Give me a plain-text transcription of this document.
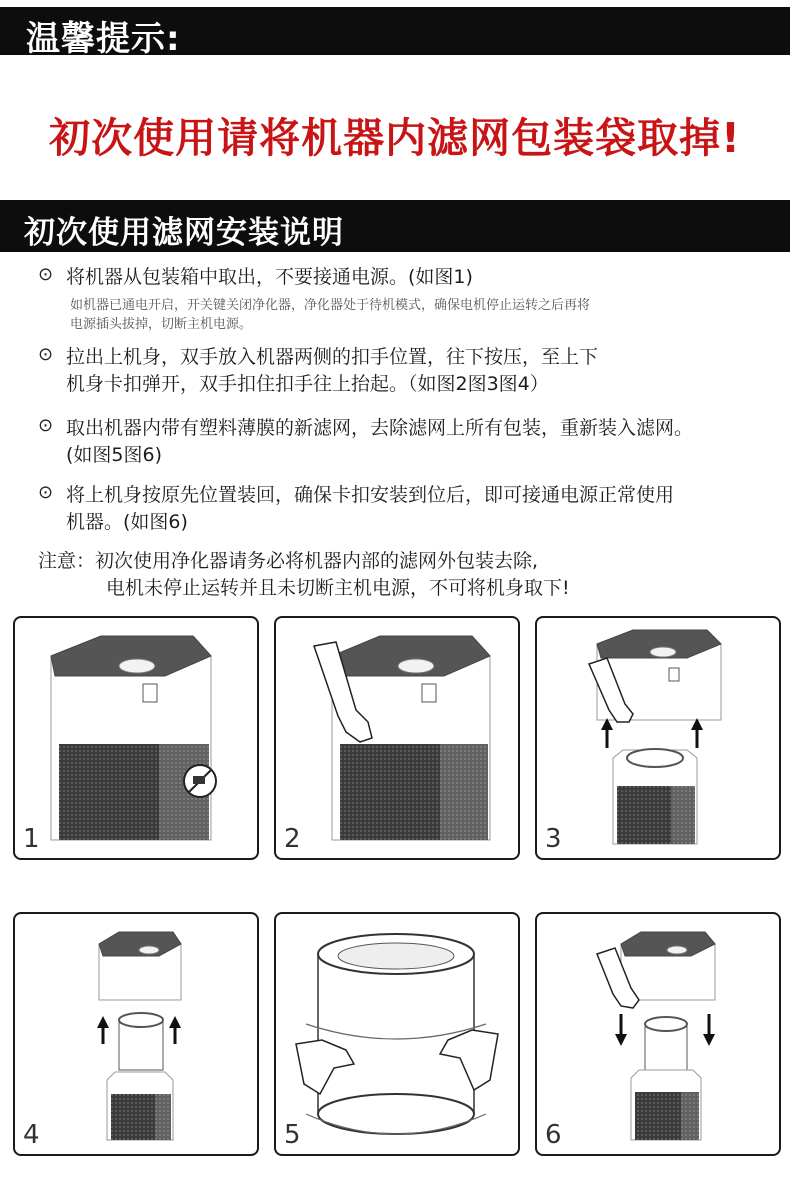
温馨提示:
初次使用请将机器内滤网包装袋取掉!
初次使用滤网安装说明
⊙ 将机器从包装箱中取出，不要接通电源。(如图1)
如机器已通电开启，开关键关闭净化器，净化器处于待机模式，确保电机停止运转之后再将
电源插头拔掉，切断主机电源。
⊙ 拉出上机身，双手放入机器两侧的扣手位置，往下按压，至上下
机身卡扣弹开，双手扣住扣手往上抬起。（如图2图3图4）
⊙ 取出机器内带有塑料薄膜的新滤网，去除滤网上所有包装，重新装入滤网。
(如图5图6)
⊙ 将上机身按原先位置装回，确保卡扣安装到位后，即可接通电源正常使用
机器。(如图6)
注意：初次使用净化器请务必将机器内部的滤网外包装去除,
电机未停止运转并且未切断主机电源，不可将机身取下!
1	2	3
4	5	6
